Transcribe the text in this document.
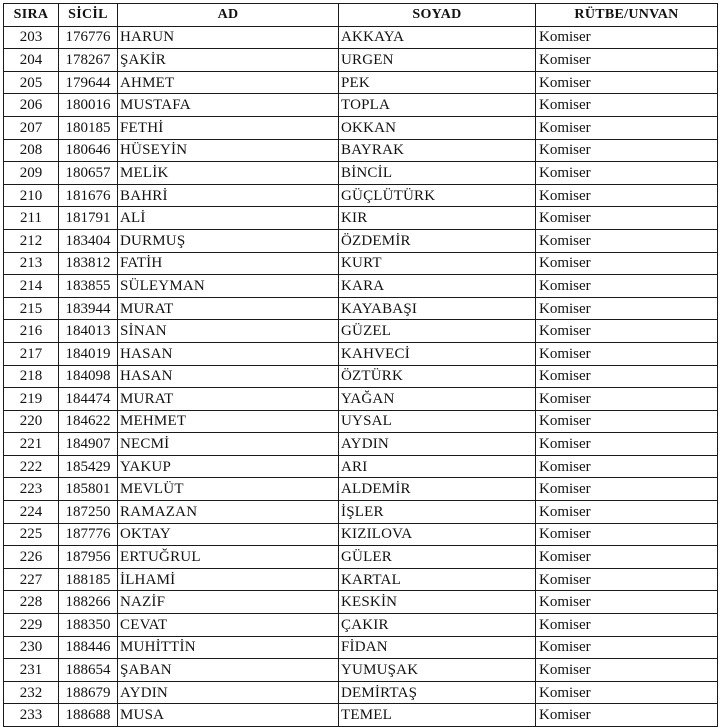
SIRA	SİCİL	AD	SOYAD	RÜTBE/UNVAN
203	176776	HARUN	AKKAYA	Komiser
204	178267	ŞAKİR	URGEN	Komiser
205	179644	AHMET	PEK	Komiser
206	180016	MUSTAFA	TOPLA	Komiser
207	180185	FETHİ	OKKAN	Komiser
208	180646	HÜSEYİN	BAYRAK	Komiser
209	180657	MELİK	BİNCİL	Komiser
210	181676	BAHRİ	GÜÇLÜTÜRK	Komiser
211	181791	ALİ	KIR	Komiser
212	183404	DURMUŞ	ÖZDEMİR	Komiser
213	183812	FATİH	KURT	Komiser
214	183855	SÜLEYMAN	KARA	Komiser
215	183944	MURAT	KAYABAŞI	Komiser
216	184013	SİNAN	GÜZEL	Komiser
217	184019	HASAN	KAHVECİ	Komiser
218	184098	HASAN	ÖZTÜRK	Komiser
219	184474	MURAT	YAĞAN	Komiser
220	184622	MEHMET	UYSAL	Komiser
221	184907	NECMİ	AYDIN	Komiser
222	185429	YAKUP	ARI	Komiser
223	185801	MEVLÜT	ALDEMİR	Komiser
224	187250	RAMAZAN	İŞLER	Komiser
225	187776	OKTAY	KIZILOVA	Komiser
226	187956	ERTUĞRUL	GÜLER	Komiser
227	188185	İLHAMİ	KARTAL	Komiser
228	188266	NAZİF	KESKİN	Komiser
229	188350	CEVAT	ÇAKIR	Komiser
230	188446	MUHİTTİN	FİDAN	Komiser
231	188654	ŞABAN	YUMUŞAK	Komiser
232	188679	AYDIN	DEMİRTAŞ	Komiser
233	188688	MUSA	TEMEL	Komiser
